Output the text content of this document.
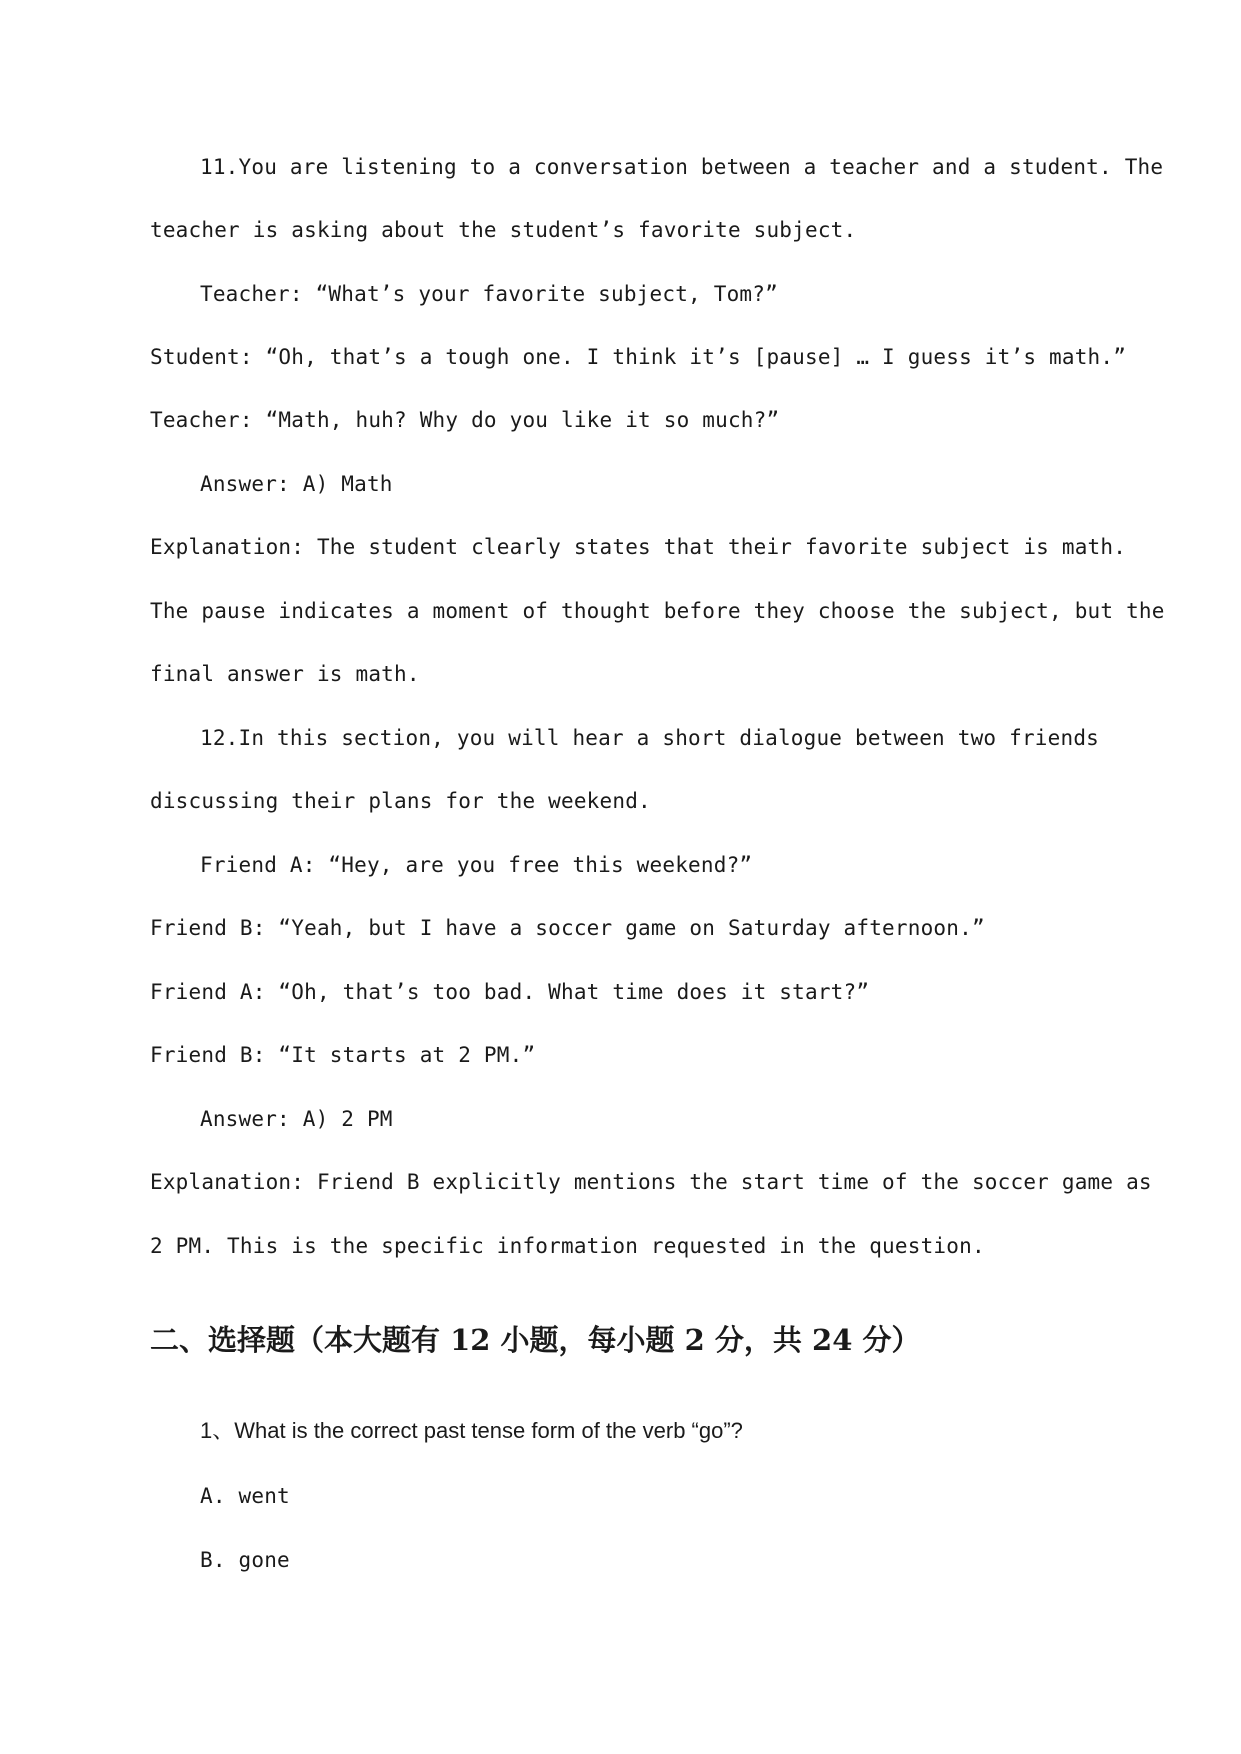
11.You are listening to a conversation between a teacher and a student. The
teacher is asking about the student’s favorite subject.
Teacher: “What’s your favorite subject, Tom?”
Student: “Oh, that’s a tough one. I think it’s [pause] … I guess it’s math.”
Teacher: “Math, huh? Why do you like it so much?”
Answer: A) Math
Explanation: The student clearly states that their favorite subject is math.
The pause indicates a moment of thought before they choose the subject, but the
final answer is math.
12.In this section, you will hear a short dialogue between two friends
discussing their plans for the weekend.
Friend A: “Hey, are you free this weekend?”
Friend B: “Yeah, but I have a soccer game on Saturday afternoon.”
Friend A: “Oh, that’s too bad. What time does it start?”
Friend B: “It starts at 2 PM.”
Answer: A) 2 PM
Explanation: Friend B explicitly mentions the start time of the soccer game as
2 PM. This is the specific information requested in the question.
二、选择题（本大题有 12 小题，每小题 2 分，共 24 分）
1、What is the correct past tense form of the verb “go”?
A. went
B. gone
